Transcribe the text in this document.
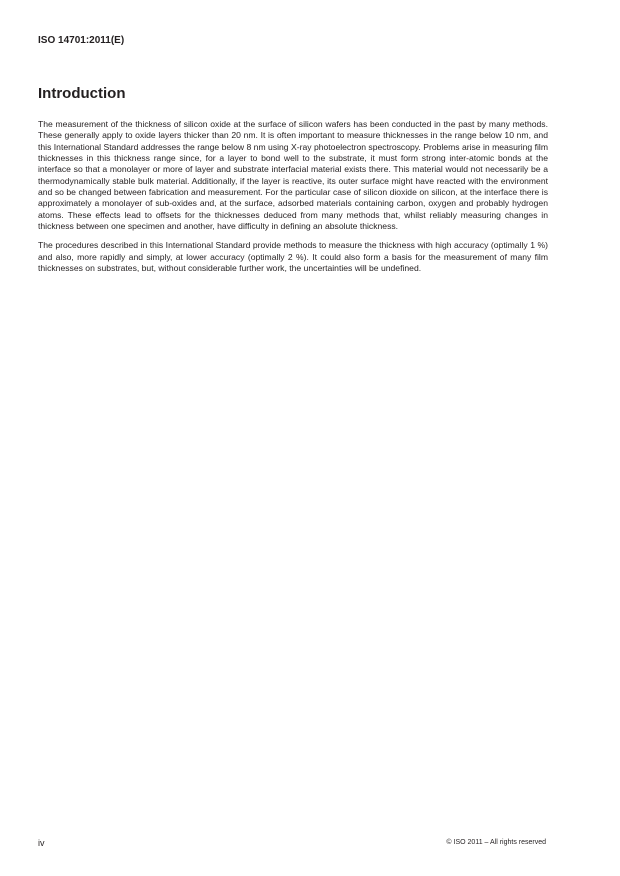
ISO 14701:2011(E)
Introduction

The measurement of the thickness of silicon oxide at the surface of silicon wafers has been conducted in the past by many methods. These generally apply to oxide layers thicker than 20 nm. It is often important to measure thicknesses in the range below 10 nm, and this International Standard addresses the range below 8 nm using X-ray photoelectron spectroscopy. Problems arise in measuring film thicknesses in this thickness range since, for a layer to bond well to the substrate, it must form strong inter-atomic bonds at the interface so that a monolayer or more of layer and substrate interfacial material exists there. This material would not necessarily be a thermodynamically stable bulk material. Additionally, if the layer is reactive, its outer surface might have reacted with the environment and so be changed between fabrication and measurement. For the particular case of silicon dioxide on silicon, at the interface there is approximately a monolayer of sub-oxides and, at the surface, adsorbed materials containing carbon, oxygen and probably hydrogen atoms. These effects lead to offsets for the thicknesses deduced from many methods that, whilst reliably measuring changes in thickness between one specimen and another, have difficulty in defining an absolute thickness.

The procedures described in this International Standard provide methods to measure the thickness with high accuracy (optimally 1 %) and also, more rapidly and simply, at lower accuracy (optimally 2 %). It could also form a basis for the measurement of many film thicknesses on substrates, but, without considerable further work, the uncertainties will be undefined.

iv	© ISO 2011 – All rights reserved
